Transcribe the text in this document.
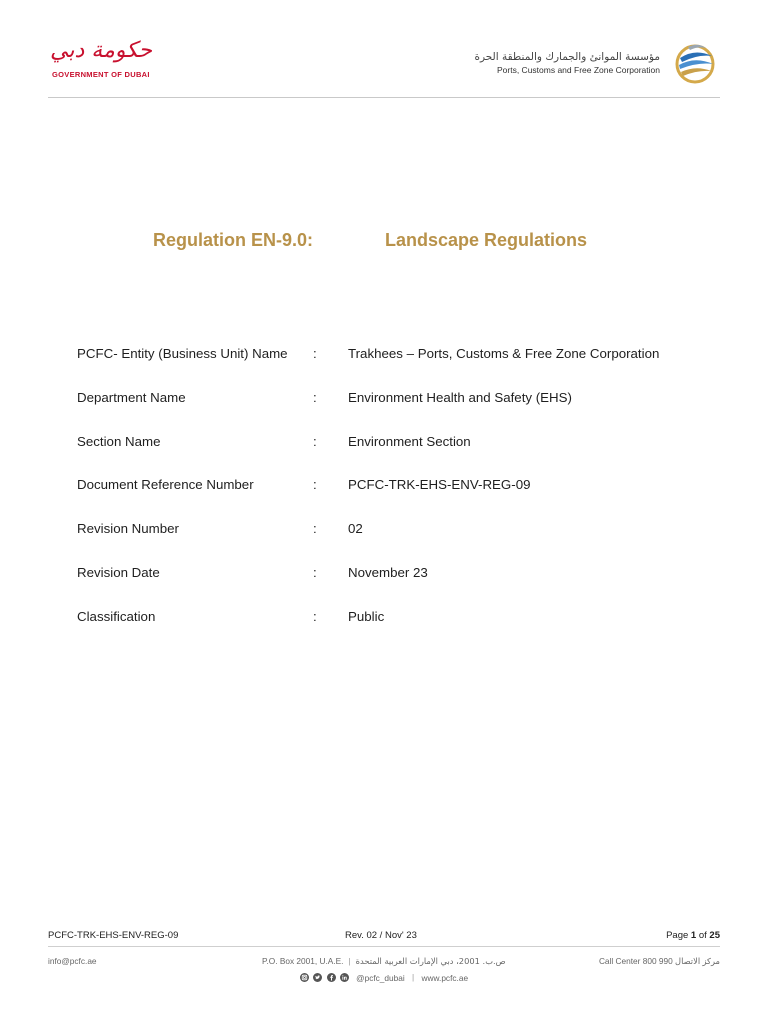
حكومة دبي
GOVERNMENT OF DUBAI
مؤسسة الموانئ والجمارك والمنطقة الحرة
Ports, Customs and Free Zone Corporation
Regulation EN-9.0:	Landscape Regulations
PCFC- Entity (Business Unit) Name : Trakhees – Ports, Customs & Free Zone Corporation
Department Name	: Environment Health and Safety (EHS)
Section Name	: Environment Section
Document Reference Number	: PCFC-TRK-EHS-ENV-REG-09
Revision Number	: 02
Revision Date	: November 23
Classification	: Public
PCFC-TRK-EHS-ENV-REG-09	Rev. 02 / Nov' 23	Page 1 of 25
info@pcfc.ae	P.O. Box 2001, U.A.E. | ص.ب. 2001، دبي الإمارات العربية المتحدة	Call Center 800 990 مركز الاتصال

@pcfc_dubai | www.pcfc.ae
